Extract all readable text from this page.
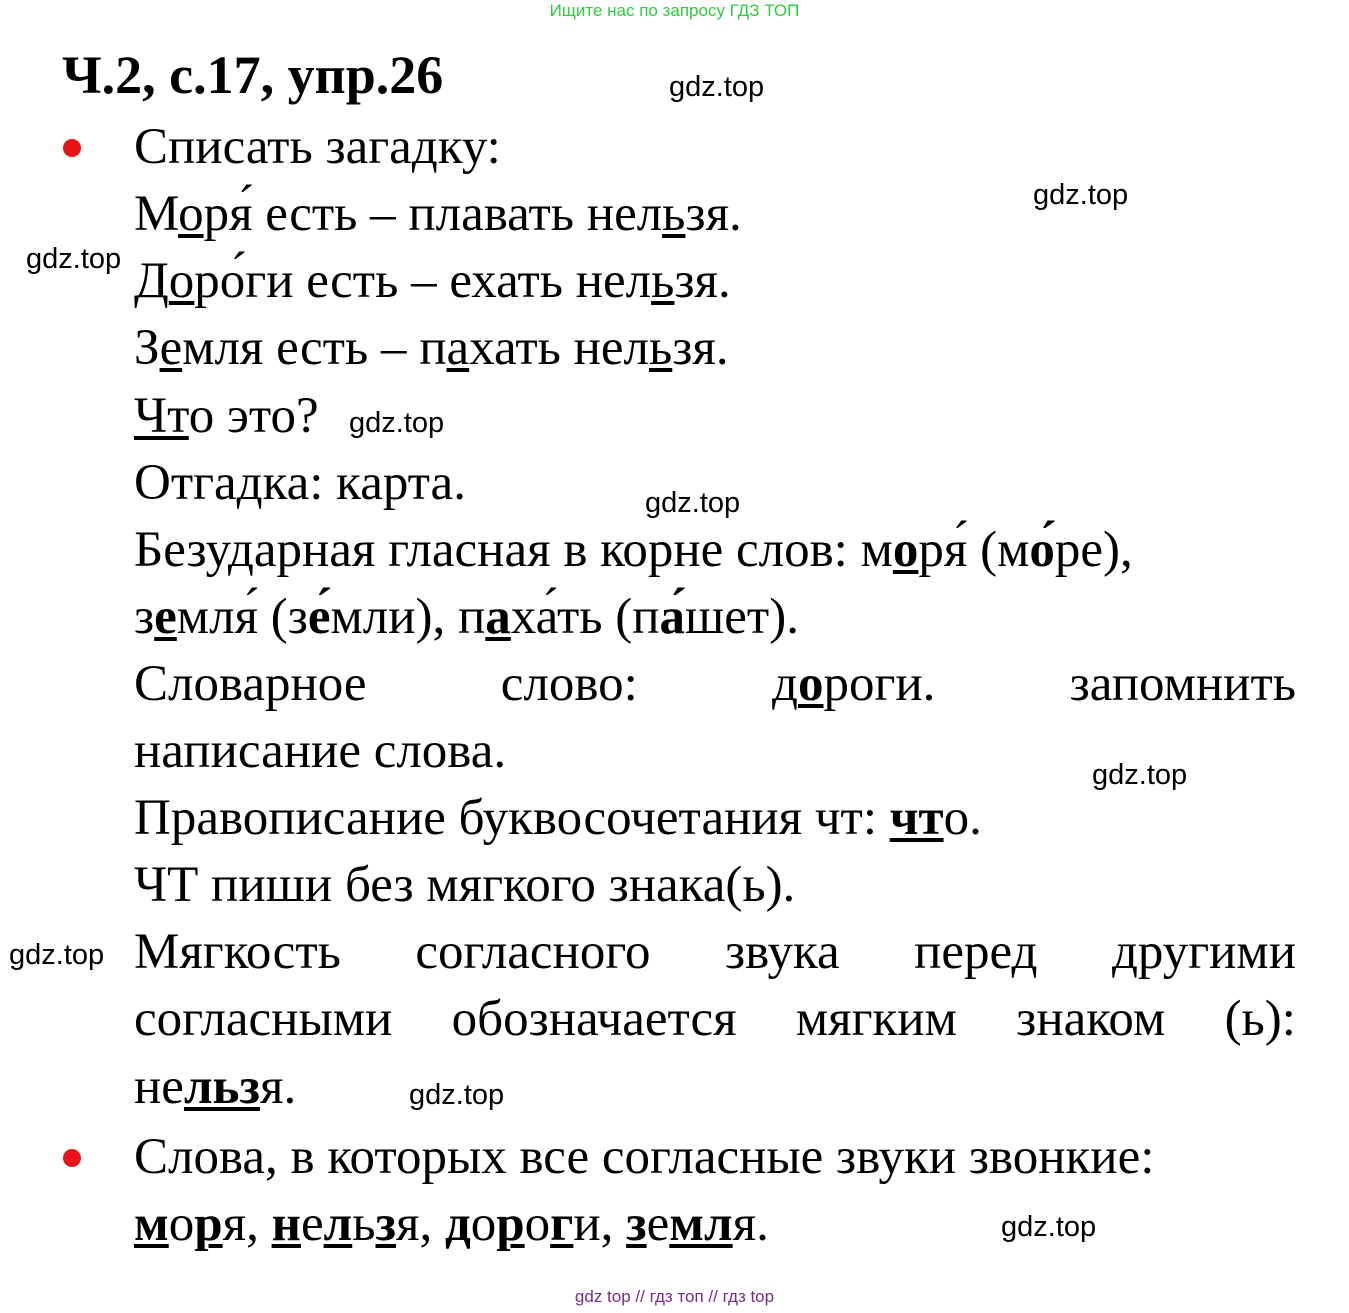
Ищите нас по запросу ГДЗ ТОП
Ч.2, с.17, упр.26	gdz.top
gdz.top
gdz.top
gdz.top
gdz.top
gdz.top
gdz.top
gdz.top
gdz.top
Списать загадку:
Моря́ есть – плавать нельзя.
Доро́ги есть – ехать нельзя.
Земля есть – пахать нельзя.
Что это?
Отгадка: карта.
Безударная гласная в корне слов: моря́ (мо́ре),
земля́ (зе́мли), паха́ть (па́шет).
Словарное	слово:	дороги.	запомнить
написание слова.
Правописание буквосочетания чт: что.
ЧТ пиши без мягкого знака(ь).
Мягкость согласного звука перед другими
согласными обозначается мягким знаком (ь):
нельзя.
Слова, в которых все согласные звуки звонкие:
моря, нельзя, дороги, земля.
gdz top // гдз топ // гдз top
